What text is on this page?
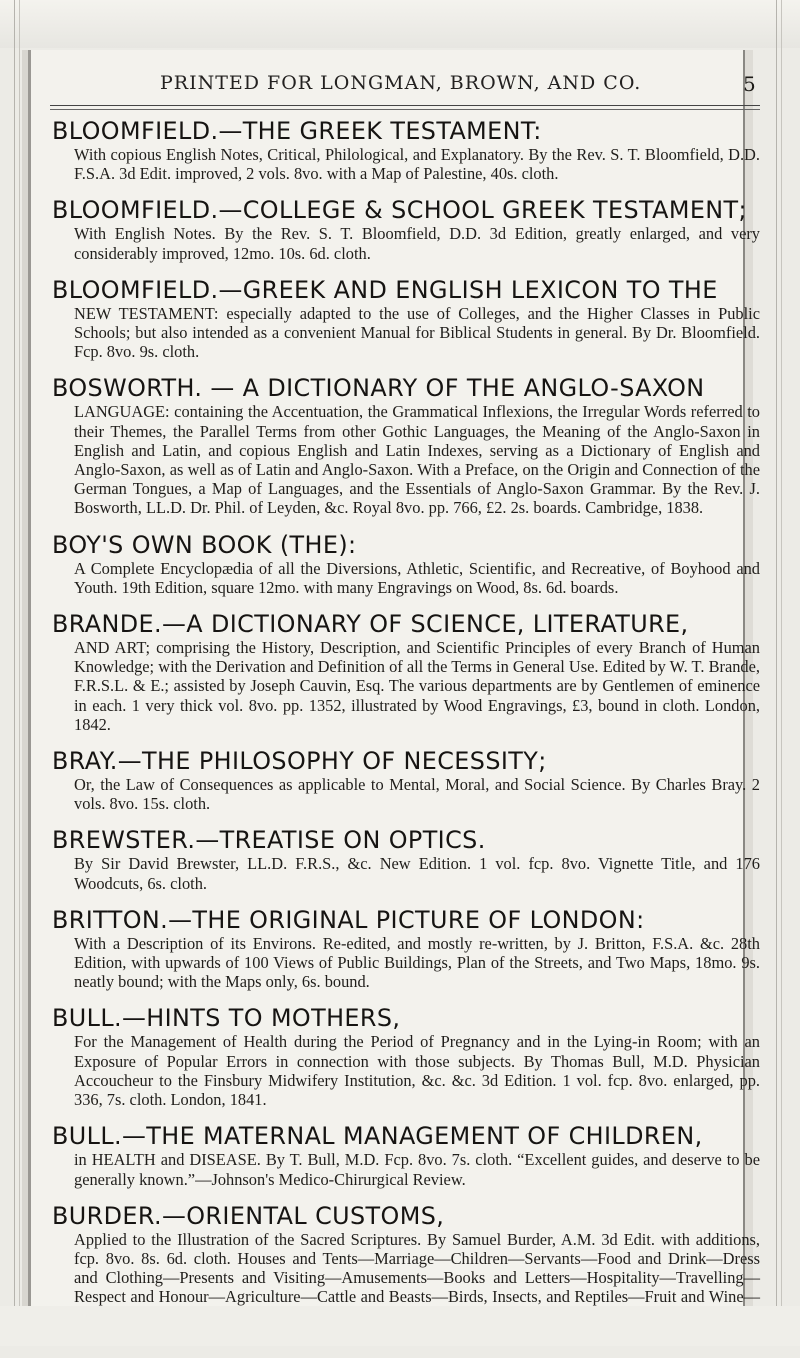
PRINTED FOR LONGMAN, BROWN, AND CO.	5
BLOOMFIELD.—THE GREEK TESTAMENT:
With copious English Notes, Critical, Philological, and Explanatory. By the Rev. S. T. Bloomfield, D.D. F.S.A. 3d Edit. improved, 2 vols. 8vo. with a Map of Palestine, 40s. cloth.
BLOOMFIELD.—COLLEGE & SCHOOL GREEK TESTAMENT;
With English Notes. By the Rev. S. T. Bloomfield, D.D. 3d Edition, greatly enlarged, and very considerably improved, 12mo. 10s. 6d. cloth.
BLOOMFIELD.—GREEK AND ENGLISH LEXICON TO THE
NEW TESTAMENT: especially adapted to the use of Colleges, and the Higher Classes in Public Schools; but also intended as a convenient Manual for Biblical Students in general. By Dr. Bloomfield. Fcp. 8vo. 9s. cloth.
BOSWORTH. — A DICTIONARY OF THE ANGLO-SAXON
LANGUAGE: containing the Accentuation, the Grammatical Inflexions, the Irregular Words referred to their Themes, the Parallel Terms from other Gothic Languages, the Meaning of the Anglo-Saxon in English and Latin, and copious English and Latin Indexes, serving as a Dictionary of English and Anglo-Saxon, as well as of Latin and Anglo-Saxon. With a Preface, on the Origin and Connection of the German Tongues, a Map of Languages, and the Essentials of Anglo-Saxon Grammar. By the Rev. J. Bosworth, LL.D. Dr. Phil. of Leyden, &c. Royal 8vo. pp. 766, £2. 2s. boards. Cambridge, 1838.
BOY'S OWN BOOK (THE):
A Complete Encyclopædia of all the Diversions, Athletic, Scientific, and Recreative, of Boyhood and Youth. 19th Edition, square 12mo. with many Engravings on Wood, 8s. 6d. boards.
BRANDE.—A DICTIONARY OF SCIENCE, LITERATURE,
AND ART; comprising the History, Description, and Scientific Principles of every Branch of Human Knowledge; with the Derivation and Definition of all the Terms in General Use. Edited by W. T. Brande, F.R.S.L. & E.; assisted by Joseph Cauvin, Esq. The various departments are by Gentlemen of eminence in each. 1 very thick vol. 8vo. pp. 1352, illustrated by Wood Engravings, £3, bound in cloth. London, 1842.
BRAY.—THE PHILOSOPHY OF NECESSITY;
Or, the Law of Consequences as applicable to Mental, Moral, and Social Science. By Charles Bray. 2 vols. 8vo. 15s. cloth.
BREWSTER.—TREATISE ON OPTICS.
By Sir David Brewster, LL.D. F.R.S., &c. New Edition. 1 vol. fcp. 8vo. Vignette Title, and 176 Woodcuts, 6s. cloth.
BRITTON.—THE ORIGINAL PICTURE OF LONDON:
With a Description of its Environs. Re-edited, and mostly re-written, by J. Britton, F.S.A. &c. 28th Edition, with upwards of 100 Views of Public Buildings, Plan of the Streets, and Two Maps, 18mo. 9s. neatly bound; with the Maps only, 6s. bound.
BULL.—HINTS TO MOTHERS,
For the Management of Health during the Period of Pregnancy and in the Lying-in Room; with an Exposure of Popular Errors in connection with those subjects. By Thomas Bull, M.D. Physician Accoucheur to the Finsbury Midwifery Institution, &c. &c. 3d Edition. 1 vol. fcp. 8vo. enlarged, pp. 336, 7s. cloth. London, 1841.
BULL.—THE MATERNAL MANAGEMENT OF CHILDREN,
in HEALTH and DISEASE. By T. Bull, M.D. Fcp. 8vo. 7s. cloth. “Excellent guides, and deserve to be generally known.”—Johnson's Medico-Chirurgical Review.
BURDER.—ORIENTAL CUSTOMS,
Applied to the Illustration of the Sacred Scriptures. By Samuel Burder, A.M. 3d Edit. with additions, fcp. 8vo. 8s. 6d. cloth. Houses and Tents—Marriage—Children—Servants—Food and Drink—Dress and Clothing—Presents and Visiting—Amusements—Books and Letters—Hospitality—Travelling—Respect and Honour—Agriculture—Cattle and Beasts—Birds, Insects, and Reptiles—Fruit and Wine—
